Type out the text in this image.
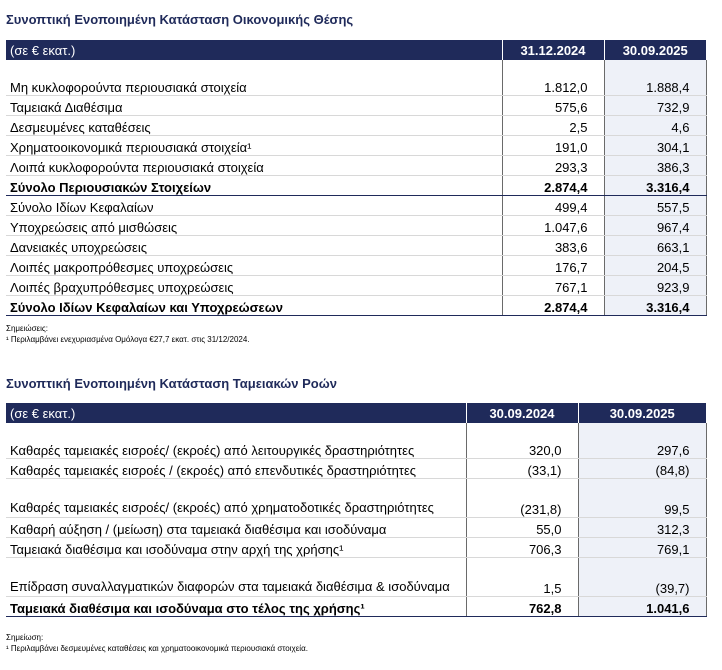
Συνοπτική Ενοποιημένη Κατάσταση Οικονομικής Θέσης
(σε € εκατ.)	31.12.2024	30.09.2025

Μη κυκλοφορούντα περιουσιακά στοιχεία	1.812,0	1.888,4
Ταμειακά Διαθέσιμα	575,6	732,9
Δεσμευμένες καταθέσεις	2,5	4,6
Χρηματοοικονομικά περιουσιακά στοιχεία¹	191,0	304,1
Λοιπά κυκλοφορούντα περιουσιακά στοιχεία	293,3	386,3
Σύνολο Περιουσιακών Στοιχείων	2.874,4	3.316,4
Σύνολο Ιδίων Κεφαλαίων	499,4	557,5
Υποχρεώσεις από μισθώσεις	1.047,6	967,4
Δανειακές υποχρεώσεις	383,6	663,1
Λοιπές μακροπρόθεσμες υποχρεώσεις	176,7	204,5
Λοιπές βραχυπρόθεσμες υποχρεώσεις	767,1	923,9
Σύνολο Ιδίων Κεφαλαίων και Υποχρεώσεων	2.874,4	3.316,4
Σημειώσεις:
¹ Περιλαμβάνει ενεχυριασμένα Ομόλογα €27,7 εκατ. στις 31/12/2024.
Συνοπτική Ενοποιημένη Κατάσταση Ταμειακών Ροών
(σε € εκατ.)	30.09.2024	30.09.2025

Καθαρές ταμειακές εισροές/ (εκροές) από λειτουργικές δραστηριότητες	320,0	297,6
Καθαρές ταμειακές εισροές / (εκροές) από επενδυτικές δραστηριότητες	(33,1)	(84,8)
Καθαρές ταμειακές εισροές/ (εκροές) από χρηματοδοτικές δραστηριότητες	(231,8)	99,5
Καθαρή αύξηση / (μείωση) στα ταμειακά διαθέσιμα και ισοδύναμα	55,0	312,3
Ταμειακά διαθέσιμα και ισοδύναμα στην αρχή της χρήσης¹	706,3	769,1
Επίδραση συναλλαγματικών διαφορών στα ταμειακά διαθέσιμα & ισοδύναμα	1,5	(39,7)
Ταμειακά διαθέσιμα και ισοδύναμα στο τέλος της χρήσης¹	762,8	1.041,6
Σημείωση:
¹ Περιλαμβάνει δεσμευμένες καταθέσεις και χρηματοοικονομικά περιουσιακά στοιχεία.
